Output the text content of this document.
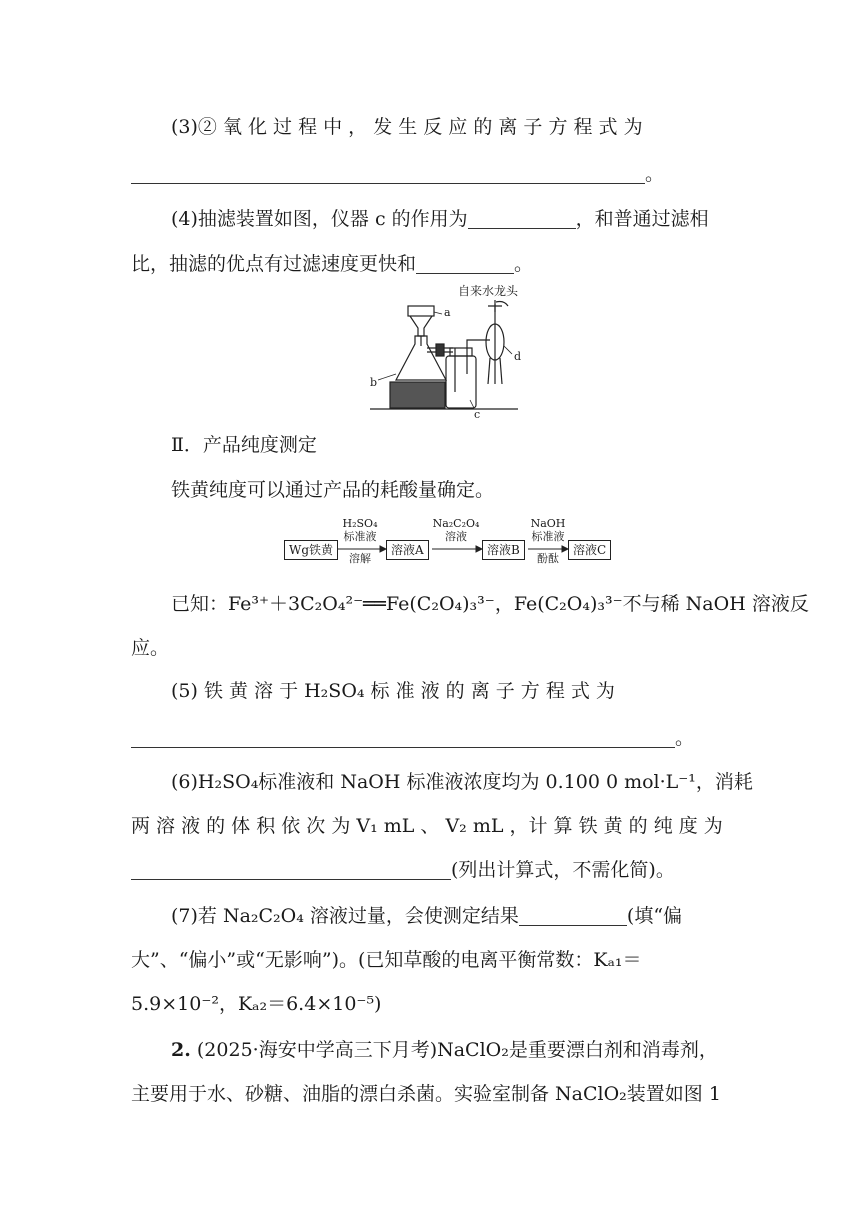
(3)② 氧 化 过 程 中 ， 发 生 反 应 的 离 子 方 程 式 为
。
(4)抽滤装置如图，仪器 c 的作用为	，和普通过滤相
比，抽滤的优点有过滤速度更快和	。
自来水龙头
a
b
c
d
Ⅱ．产品纯度测定
铁黄纯度可以通过产品的耗酸量确定。
Wg铁黄
H₂SO₄
标准液
溶解
溶液A
Na₂C₂O₄
溶液
溶液B
NaOH
标准液
酚酞
溶液C
已知：Fe³⁺＋3C₂O₄²⁻══Fe(C₂O₄)₃³⁻，Fe(C₂O₄)₃³⁻不与稀 NaOH 溶液反
应。
(5) 铁 黄 溶 于 H₂SO₄ 标 准 液 的 离 子 方 程 式 为
。
(6)H₂SO₄标准液和 NaOH 标准液浓度均为 0.100 0 mol·L⁻¹，消耗
两 溶 液 的 体 积 依 次 为 V₁ mL 、 V₂ mL ，计 算 铁 黄 的 纯 度 为
(列出计算式，不需化简)。
(7)若 Na₂C₂O₄ 溶液过量，会使测定结果	(填“偏
大”、“偏小”或“无影响”)。(已知草酸的电离平衡常数：Kₐ₁＝
5.9×10⁻²，Kₐ₂＝6.4×10⁻⁵)
2. (2025·海安中学高三下月考)NaClO₂是重要漂白剂和消毒剂，
主要用于水、砂糖、油脂的漂白杀菌。实验室制备 NaClO₂装置如图 1
